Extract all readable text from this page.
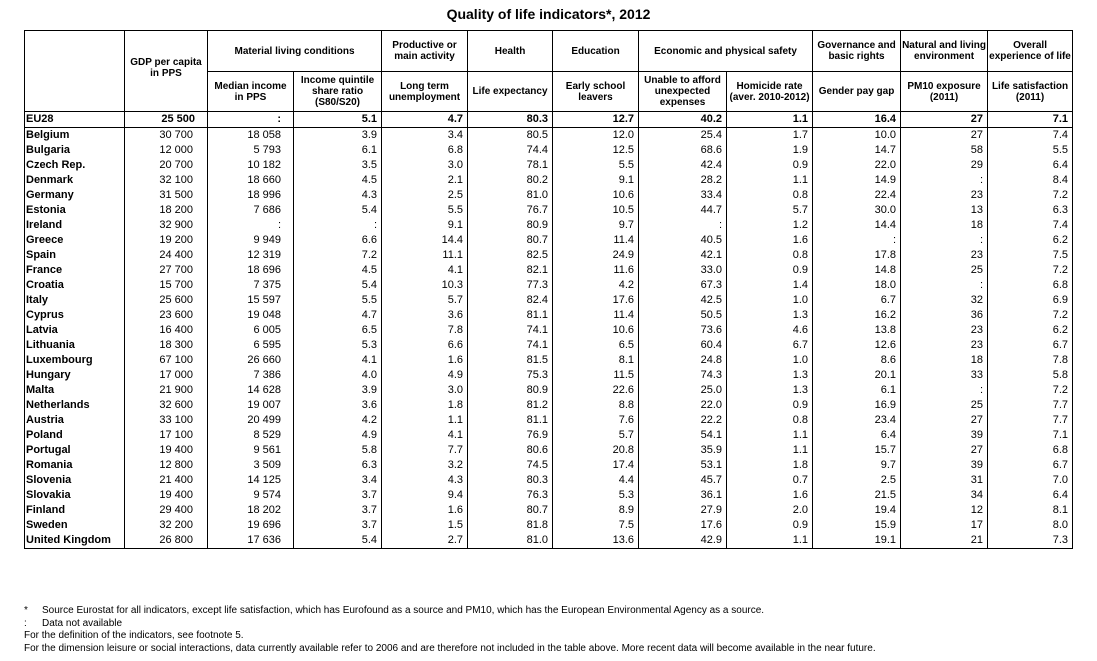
Quality of life indicators*, 2012
	GDP per capita in PPS	Material living conditions		Productive or main activity	Health	Education	Economic and physical safety		Governance and basic rights	Natural and living environment	Overall experience of life
		Median income in PPS	Income quintile share ratio (S80/S20)	Long term unemployment	Life expectancy	Early school leavers	Unable to afford unexpected expenses	Homicide rate (aver. 2010-2012)	Gender pay gap	PM10 exposure (2011)	Life satisfaction (2011)
EU28	25 500	:	5.1	4.7	80.3	12.7	40.2	1.1	16.4	27	7.1
Belgium	30 700	18 058	3.9	3.4	80.5	12.0	25.4	1.7	10.0	27	7.4
Bulgaria	12 000	5 793	6.1	6.8	74.4	12.5	68.6	1.9	14.7	58	5.5
Czech Rep.	20 700	10 182	3.5	3.0	78.1	5.5	42.4	0.9	22.0	29	6.4
Denmark	32 100	18 660	4.5	2.1	80.2	9.1	28.2	1.1	14.9	:	8.4
Germany	31 500	18 996	4.3	2.5	81.0	10.6	33.4	0.8	22.4	23	7.2
Estonia	18 200	7 686	5.4	5.5	76.7	10.5	44.7	5.7	30.0	13	6.3
Ireland	32 900	:	:	9.1	80.9	9.7	:	1.2	14.4	18	7.4
Greece	19 200	9 949	6.6	14.4	80.7	11.4	40.5	1.6	:	:	6.2
Spain	24 400	12 319	7.2	11.1	82.5	24.9	42.1	0.8	17.8	23	7.5
France	27 700	18 696	4.5	4.1	82.1	11.6	33.0	0.9	14.8	25	7.2
Croatia	15 700	7 375	5.4	10.3	77.3	4.2	67.3	1.4	18.0	:	6.8
Italy	25 600	15 597	5.5	5.7	82.4	17.6	42.5	1.0	6.7	32	6.9
Cyprus	23 600	19 048	4.7	3.6	81.1	11.4	50.5	1.3	16.2	36	7.2
Latvia	16 400	6 005	6.5	7.8	74.1	10.6	73.6	4.6	13.8	23	6.2
Lithuania	18 300	6 595	5.3	6.6	74.1	6.5	60.4	6.7	12.6	23	6.7
Luxembourg	67 100	26 660	4.1	1.6	81.5	8.1	24.8	1.0	8.6	18	7.8
Hungary	17 000	7 386	4.0	4.9	75.3	11.5	74.3	1.3	20.1	33	5.8
Malta	21 900	14 628	3.9	3.0	80.9	22.6	25.0	1.3	6.1	:	7.2
Netherlands	32 600	19 007	3.6	1.8	81.2	8.8	22.0	0.9	16.9	25	7.7
Austria	33 100	20 499	4.2	1.1	81.1	7.6	22.2	0.8	23.4	27	7.7
Poland	17 100	8 529	4.9	4.1	76.9	5.7	54.1	1.1	6.4	39	7.1
Portugal	19 400	9 561	5.8	7.7	80.6	20.8	35.9	1.1	15.7	27	6.8
Romania	12 800	3 509	6.3	3.2	74.5	17.4	53.1	1.8	9.7	39	6.7
Slovenia	21 400	14 125	3.4	4.3	80.3	4.4	45.7	0.7	2.5	31	7.0
Slovakia	19 400	9 574	3.7	9.4	76.3	5.3	36.1	1.6	21.5	34	6.4
Finland	29 400	18 202	3.7	1.6	80.7	8.9	27.9	2.0	19.4	12	8.1
Sweden	32 200	19 696	3.7	1.5	81.8	7.5	17.6	0.9	15.9	17	8.0
United Kingdom	26 800	17 636	5.4	2.7	81.0	13.6	42.9	1.1	19.1	21	7.3
* Source Eurostat for all indicators, except life satisfaction, which has Eurofound as a source and PM10, which has the European Environmental Agency as a source.
: Data not available
For the definition of the indicators, see footnote 5.
For the dimension leisure or social interactions, data currently available refer to 2006 and are therefore not included in the table above. More recent data will become available in the near future.
